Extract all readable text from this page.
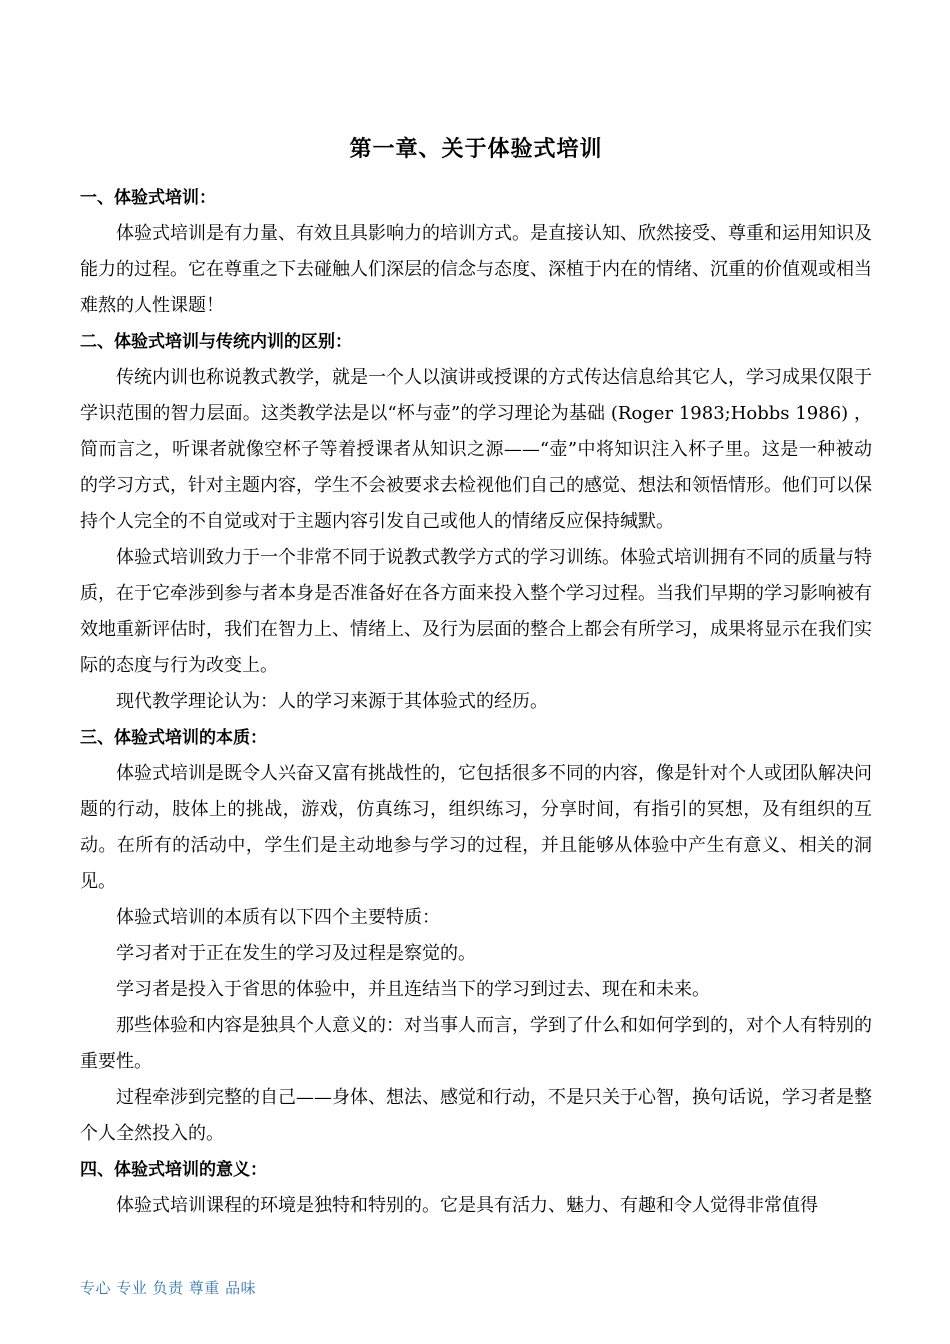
第一章、关于体验式培训

一、体验式培训：

体验式培训是有力量、有效且具影响力的培训方式。是直接认知、欣然接受、尊重和运用知识及能力的过程。它在尊重之下去碰触人们深层的信念与态度、深植于内在的情绪、沉重的价值观或相当难熬的人性课题！

二、体验式培训与传统内训的区别：

传统内训也称说教式教学，就是一个人以演讲或授课的方式传达信息给其它人，学习成果仅限于学识范围的智力层面。这类教学法是以“杯与壶”的学习理论为基础 (Roger 1983;Hobbs 1986) ，简而言之，听课者就像空杯子等着授课者从知识之源——“壶”中将知识注入杯子里。这是一种被动的学习方式，针对主题内容，学生不会被要求去检视他们自己的感觉、想法和领悟情形。他们可以保持个人完全的不自觉或对于主题内容引发自己或他人的情绪反应保持缄默。

体验式培训致力于一个非常不同于说教式教学方式的学习训练。体验式培训拥有不同的质量与特质，在于它牵涉到参与者本身是否准备好在各方面来投入整个学习过程。当我们早期的学习影响被有效地重新评估时，我们在智力上、情绪上、及行为层面的整合上都会有所学习，成果将显示在我们实际的态度与行为改变上。

现代教学理论认为：人的学习来源于其体验式的经历。

三、体验式培训的本质：

体验式培训是既令人兴奋又富有挑战性的，它包括很多不同的内容，像是针对个人或团队解决问题的行动，肢体上的挑战，游戏，仿真练习，组织练习，分享时间，有指引的冥想，及有组织的互动。在所有的活动中，学生们是主动地参与学习的过程，并且能够从体验中产生有意义、相关的洞见。

体验式培训的本质有以下四个主要特质：

学习者对于正在发生的学习及过程是察觉的。

学习者是投入于省思的体验中，并且连结当下的学习到过去、现在和未来。

那些体验和内容是独具个人意义的：对当事人而言，学到了什么和如何学到的，对个人有特别的重要性。

过程牵涉到完整的自己——身体、想法、感觉和行动，不是只关于心智，换句话说，学习者是整个人全然投入的。

四、体验式培训的意义：

体验式培训课程的环境是独特和特别的。它是具有活力、魅力、有趣和令人觉得非常值得

专心 专业 负责 尊重 品味
